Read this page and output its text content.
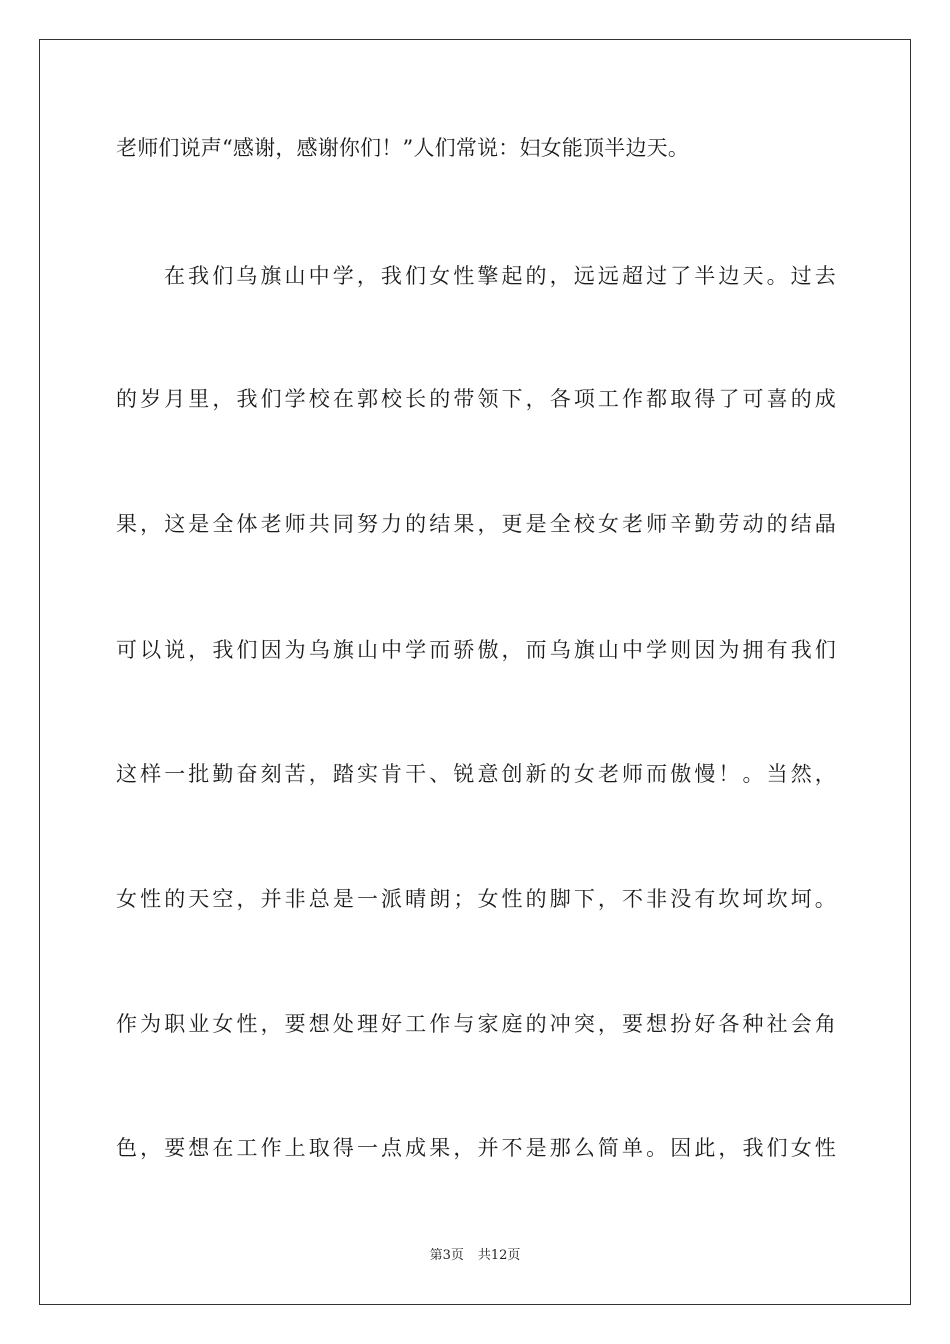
老师们说声“感谢，感谢你们！”人们常说：妇女能顶半边天。
在我们乌旗山中学，我们女性擎起的，远远超过了半边天。过去
的岁月里，我们学校在郭校长的带领下，各项工作都取得了可喜的成
果，这是全体老师共同努力的结果，更是全校女老师辛勤劳动的结晶
可以说，我们因为乌旗山中学而骄傲，而乌旗山中学则因为拥有我们
这样一批勤奋刻苦，踏实肯干、锐意创新的女老师而傲慢！。当然，
女性的天空，并非总是一派晴朗；女性的脚下，不非没有坎坷坎坷。
作为职业女性，要想处理好工作与家庭的冲突，要想扮好各种社会角
色，要想在工作上取得一点成果，并不是那么简单。因此，我们女性
第3页 共12页
